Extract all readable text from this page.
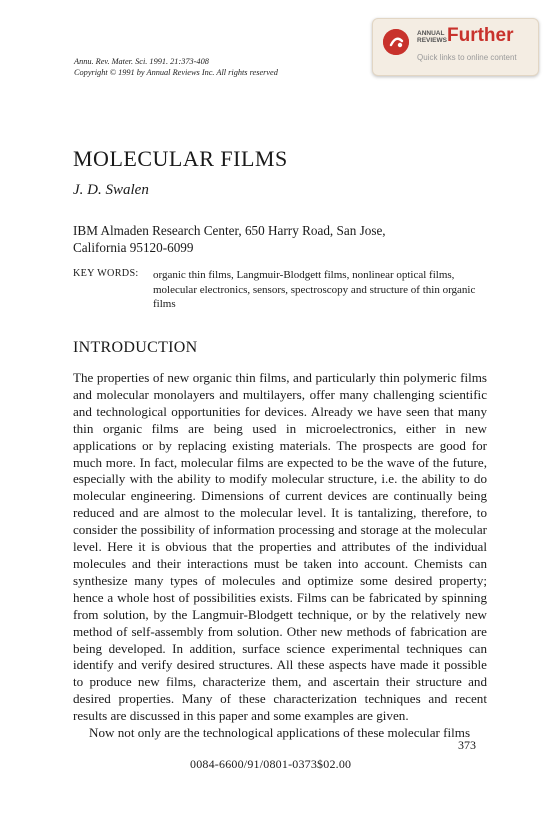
Annu. Rev. Mater. Sci. 1991. 21:373-408
Copyright © 1991 by Annual Reviews Inc. All rights reserved
ANNUAL
REVIEWS Further
Quick links to online content
MOLECULAR FILMS
J. D. Swalen
IBM Almaden Research Center, 650 Harry Road, San Jose, California 95120-6099
KEY WORDS: organic thin films, Langmuir-Blodgett films, nonlinear optical films, molecular electronics, sensors, spectroscopy and structure of thin organic films
INTRODUCTION

The properties of new organic thin films, and particularly thin polymeric films and molecular monolayers and multilayers, offer many challenging scientific and technological opportunities for devices. Already we have seen that many thin organic films are being used in microelectronics, either in new applications or by replacing existing materials. The prospects are good for much more. In fact, molecular films are expected to be the wave of the future, especially with the ability to modify molecular structure, i.e. the ability to do molecular engineering. Dimensions of current devices are continually being reduced and are almost to the molecular level. It is tantalizing, therefore, to consider the possibility of information processing and storage at the molecular level. Here it is obvious that the properties and attributes of the individual molecules and their interactions must be taken into account. Chemists can synthesize many types of molecules and optimize some desired property; hence a whole host of possibilities exists. Films can be fabricated by spinning from solution, by the Langmuir-Blodgett technique, or by the relatively new method of self-assembly from solution. Other new methods of fabrication are being developed. In addition, surface science experimental techniques can identify and verify desired structures. All these aspects have made it possible to produce new films, characterize them, and ascertain their structure and desired properties. Many of these characterization techniques and recent results are discussed in this paper and some examples are given.

Now not only are the technological applications of these molecular films

373
0084-6600/91/0801-0373$02.00
